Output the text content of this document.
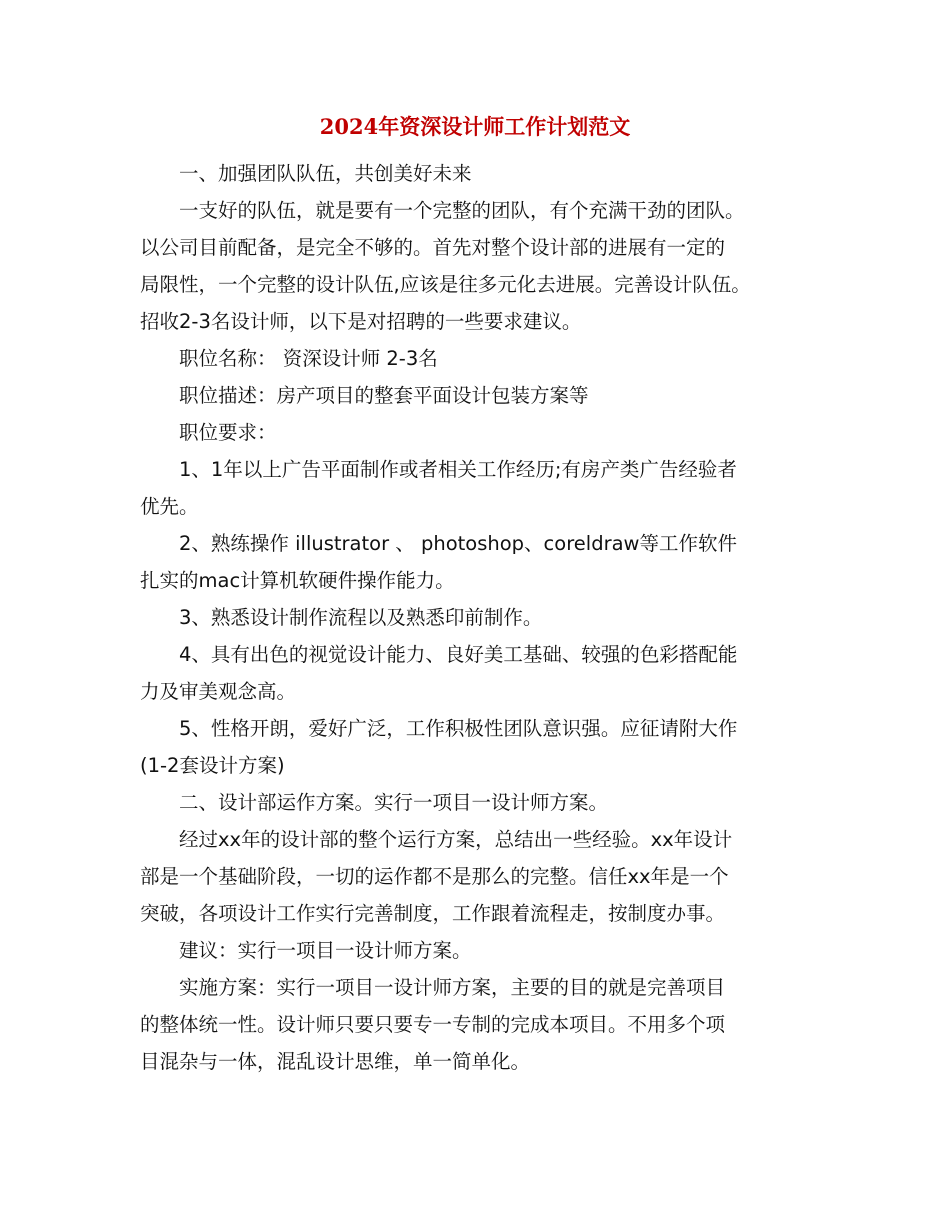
2024年资深设计师工作计划范文
一、加强团队队伍，共创美好未来
一支好的队伍，就是要有一个完整的团队，有个充满干劲的团队。
以公司目前配备，是完全不够的。首先对整个设计部的进展有一定的
局限性，一个完整的设计队伍,应该是往多元化去进展。完善设计队伍。
招收2-3名设计师，以下是对招聘的一些要求建议。
职位名称： 资深设计师 2-3名
职位描述：房产项目的整套平面设计包装方案等
职位要求：
1、1年以上广告平面制作或者相关工作经历;有房产类广告经验者
优先。
2、熟练操作 illustrator 、 photoshop、coreldraw等工作软件
扎实的mac计算机软硬件操作能力。
3、熟悉设计制作流程以及熟悉印前制作。
4、具有出色的视觉设计能力、良好美工基础、较强的色彩搭配能
力及审美观念高。
5、性格开朗，爱好广泛，工作积极性团队意识强。应征请附大作
(1-2套设计方案)
二、设计部运作方案。实行一项目一设计师方案。
经过xx年的设计部的整个运行方案，总结出一些经验。xx年设计
部是一个基础阶段，一切的运作都不是那么的完整。信任xx年是一个
突破，各项设计工作实行完善制度，工作跟着流程走，按制度办事。
建议：实行一项目一设计师方案。
实施方案：实行一项目一设计师方案，主要的目的就是完善项目
的整体统一性。设计师只要只要专一专制的完成本项目。不用多个项
目混杂与一体，混乱设计思维，单一简单化。
